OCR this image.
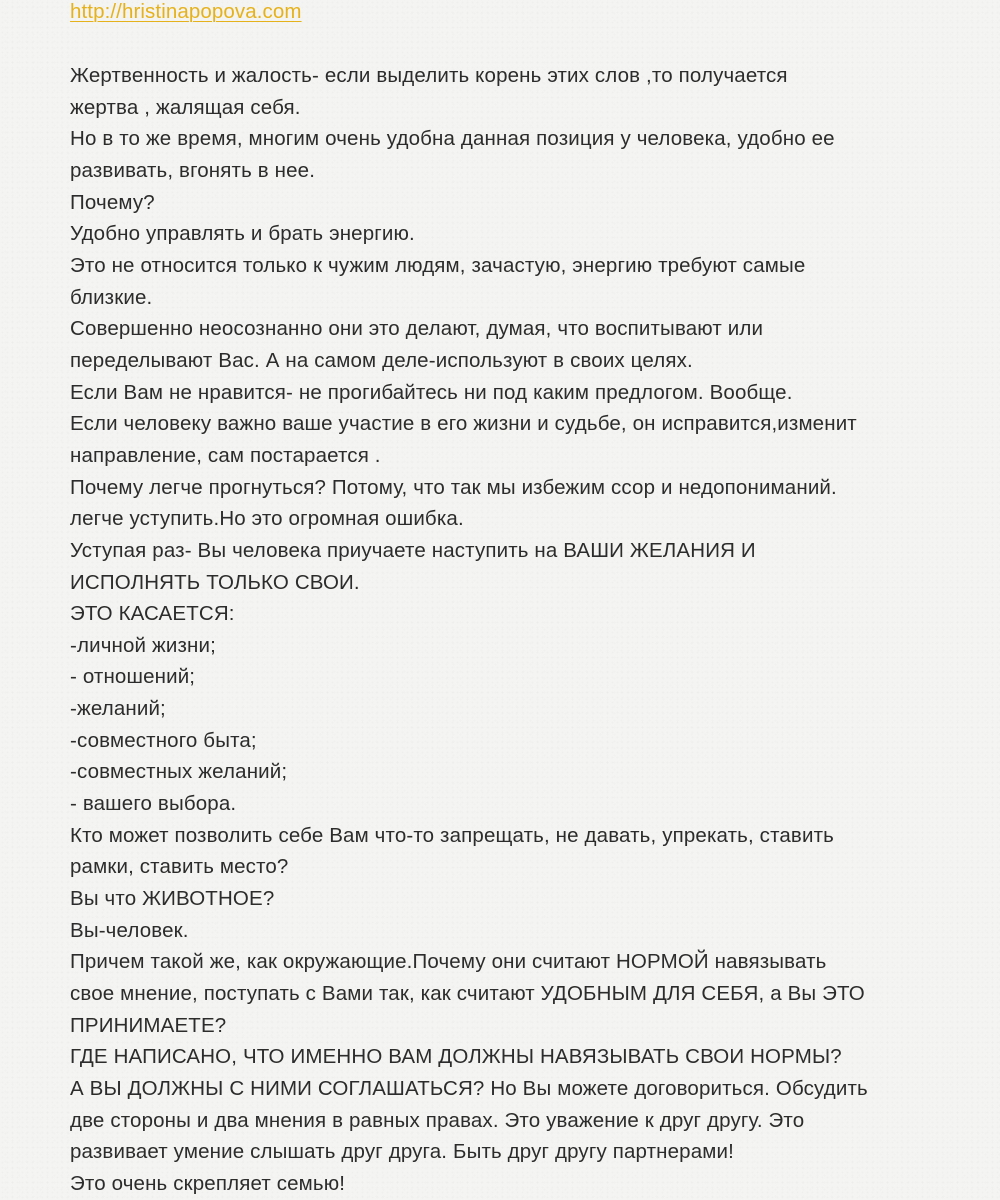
http://hristinapopova.com
Жертвенность и жалость- если выделить корень этих слов ,то получается
жертва , жалящая себя.
Но в то же время, многим очень удобна данная позиция у человека, удобно ее
развивать, вгонять в нее.
Почему?
Удобно управлять и брать энергию.
Это не относится только к чужим людям, зачастую, энергию требуют самые
близкие.
Совершенно неосознанно они это делают, думая, что воспитывают или
переделывают Вас. А на самом деле-используют в своих целях.
Если Вам не нравится- не прогибайтесь ни под каким предлогом. Вообще.
Если человеку важно ваше участие в его жизни и судьбе, он исправится,изменит
направление, сам постарается .
Почему легче прогнуться? Потому, что так мы избежим ссор и недопониманий.
легче уступить.Но это огромная ошибка.
Уступая раз- Вы человека приучаете наступить на ВАШИ ЖЕЛАНИЯ И
ИСПОЛНЯТЬ ТОЛЬКО СВОИ.
ЭТО КАСАЕТСЯ:
-личной жизни;
- отношений;
-желаний;
-совместного быта;
-совместных желаний;
- вашего выбора.
Кто может позволить себе Вам что-то запрещать, не давать, упрекать, ставить
рамки, ставить место?
Вы что ЖИВОТНОЕ?
Вы-человек.
Причем такой же, как окружающие.Почему они считают НОРМОЙ навязывать
свое мнение, поступать с Вами так, как считают УДОБНЫМ ДЛЯ СЕБЯ, а Вы ЭТО
ПРИНИМАЕТЕ?
ГДЕ НАПИСАНО, ЧТО ИМЕННО ВАМ ДОЛЖНЫ НАВЯЗЫВАТЬ СВОИ НОРМЫ?
А ВЫ ДОЛЖНЫ С НИМИ СОГЛАШАТЬСЯ? Но Вы можете договориться. Обсудить
две стороны и два мнения в равных правах. Это уважение к друг другу. Это
развивает умение слышать друг друга. Быть друг другу партнерами!
Это очень скрепляет семью!
